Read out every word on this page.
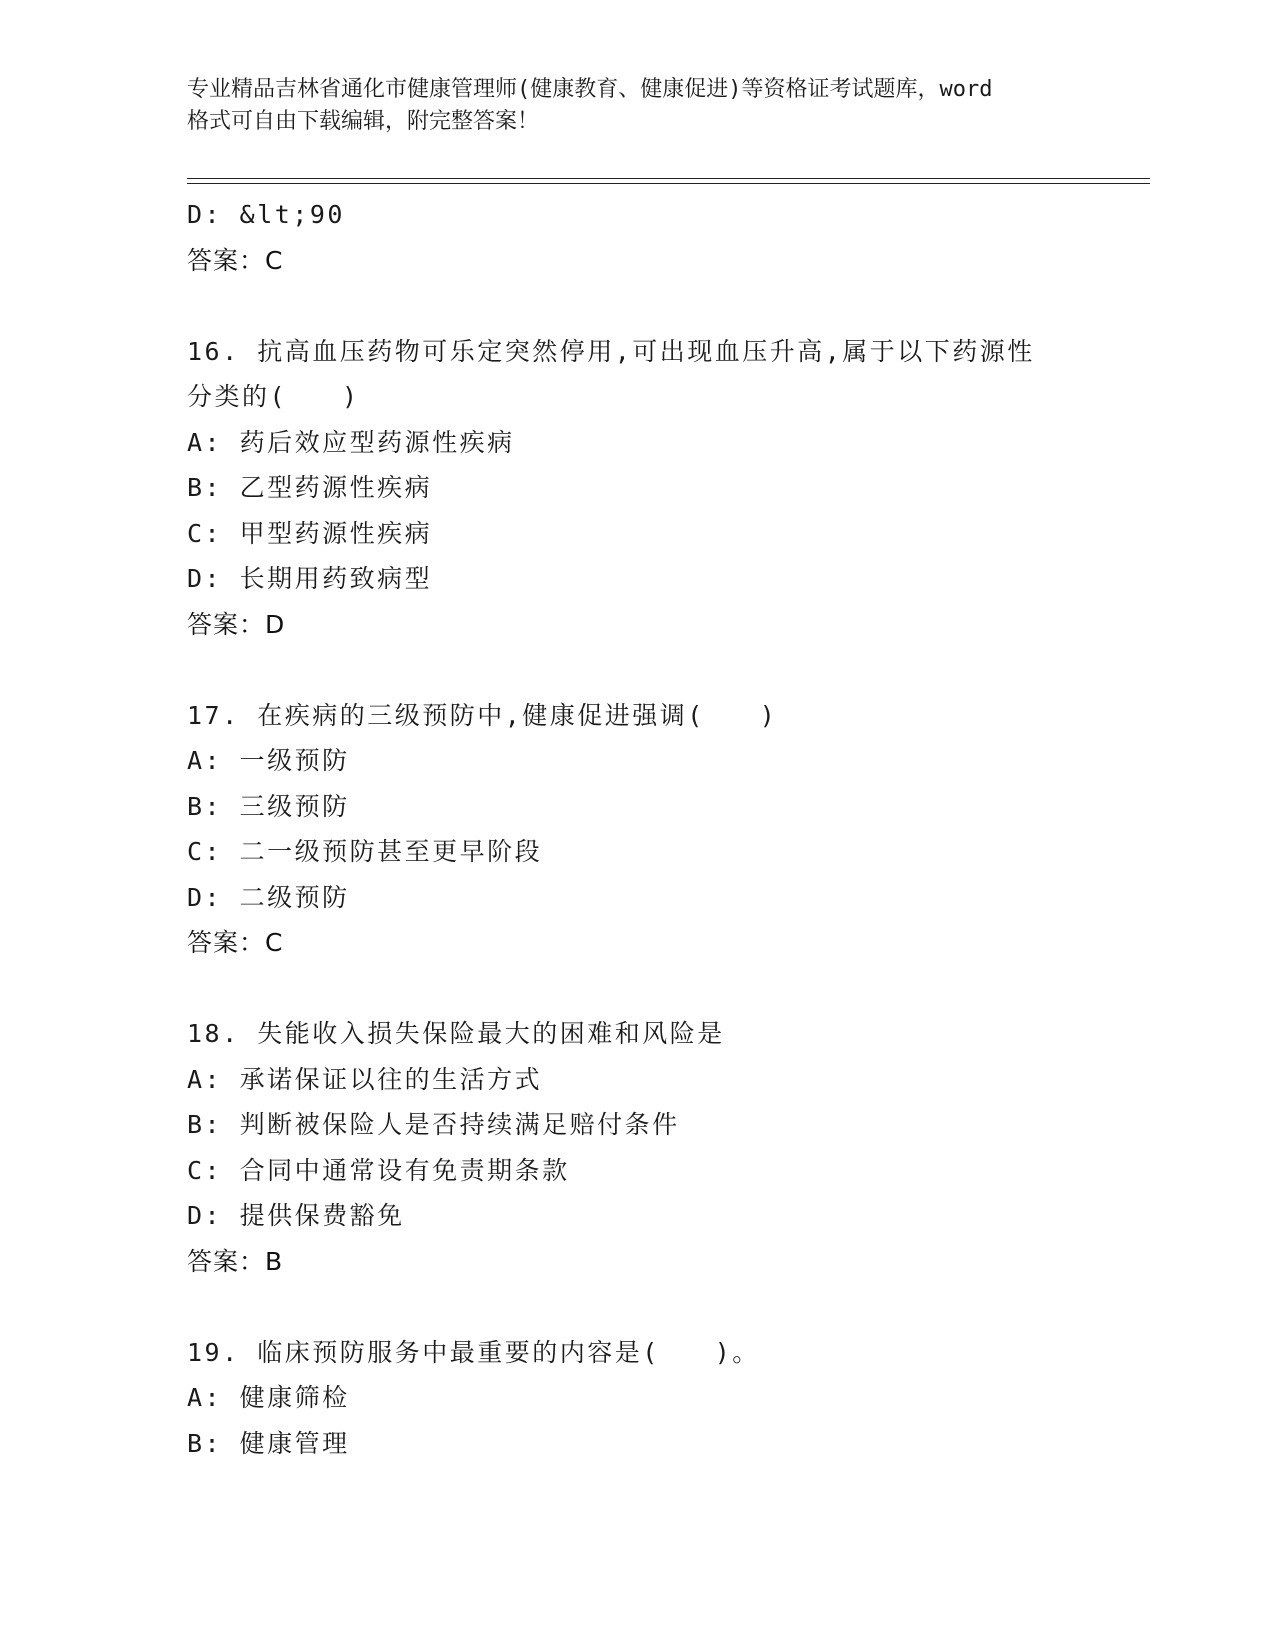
专业精品吉林省通化市健康管理师(健康教育、健康促进)等资格证考试题库，word
格式可自由下载编辑，附完整答案！
D: &lt;90
答案：C
16. 抗高血压药物可乐定突然停用,可出现血压升高,属于以下药源性
分类的(　　)
A: 药后效应型药源性疾病
B: 乙型药源性疾病
C: 甲型药源性疾病
D: 长期用药致病型
答案：D
17. 在疾病的三级预防中,健康促进强调(　　)
A: 一级预防
B: 三级预防
C: 二一级预防甚至更早阶段
D: 二级预防
答案：C
18. 失能收入损失保险最大的困难和风险是
A: 承诺保证以往的生活方式
B: 判断被保险人是否持续满足赔付条件
C: 合同中通常设有免责期条款
D: 提供保费豁免
答案：B
19. 临床预防服务中最重要的内容是(　　)。
A: 健康筛检
B: 健康管理
